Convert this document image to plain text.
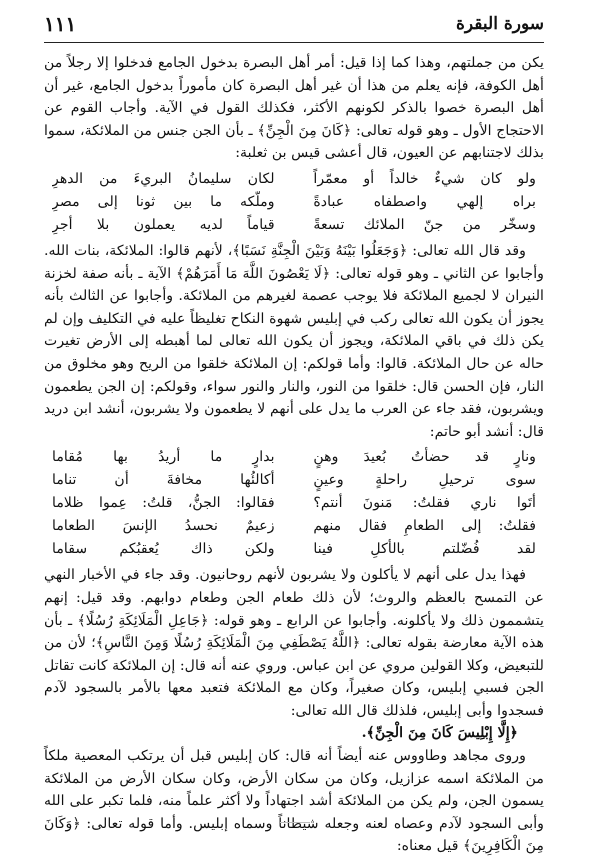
سورة البقرة
١١١

يكن من جملتهم، وهذا كما إذا قيل: أمر أهل البصرة بدخول الجامع فدخلوا إلا رجلاً من أهل الكوفة، فإنه يعلم من هذا أن غير أهل البصرة كان مأموراً بدخول الجامع، غير أن أهل البصرة خصوا بالذكر لكونهم الأكثر، فكذلك القول في الآية. وأجاب القوم عن الاحتجاج الأول ـ وهو قوله تعالى: ﴿كَانَ مِنَ الْجِنِّ﴾ ـ بأن الجن جنس من الملائكة، سموا بذلك لاجتنابهم عن العيون، قال أعشى قيس بن ثعلبة:

ولو كان شيءٌ خالداً أو معمّراً
لكان سليمانُ البريءَ من الدهرِ
براه إلهي واصطفاه عبادةً
وملّكه ما بين ثونا إلى مصرِ
وسخّر من جنّ الملائك تسعةً
قياماً لديه يعملون بلا أجرِ

وقد قال الله تعالى: ﴿وَجَعَلُوا بَيْنَهُ وَبَيْنَ الْجِنَّةِ نَسَبًا﴾، لأنهم قالوا: الملائكة، بنات الله. وأجابوا عن الثاني ـ وهو قوله تعالى: ﴿لَا يَعْصُونَ اللَّهَ مَا أَمَرَهُمْ﴾ الآية ـ بأنه صفة لخزنة النيران لا لجميع الملائكة فلا يوجب عصمة لغيرهم من الملائكة. وأجابوا عن الثالث بأنه يجوز أن يكون الله تعالى ركب في إبليس شهوة النكاح تغليظاً عليه في التكليف وإن لم يكن ذلك في باقي الملائكة، ويجوز أن يكون الله تعالى لما أهبطه إلى الأرض تغيرت حاله عن حال الملائكة. قالوا: وأما قولكم: إن الملائكة خلقوا من الريح وهو مخلوق من النار، فإن الحسن قال: خلقوا من النور، والنار والنور سواء، وقولكم: إن الجن يطعمون ويشربون، فقد جاء عن العرب ما يدل على أنهم لا يطعمون ولا يشربون، أنشد ابن دريد قال: أنشد أبو حاتم:

ونارٍ قد حضأتُ بُعيدَ وهنٍ
بدارٍ ما أريدُ بها مُقاما
سوى ترحيلِ راحلةٍ وعينٍ
أكالئُها مخافةَ أن تناما
أتَوا ناري فقلتُ: مَنونَ أنتم؟
فقالوا: الجنُّ، قلتُ: عِموا ظلاما
فقلتُ: إلى الطعامِ فقال منهم
زعيمٌ نحسدُ الإنسَ الطعاما
لقد فُضّلتم بالأكلِ فينا
ولكن ذاك يُعقبُكم سقاما

فهذا يدل على أنهم لا يأكلون ولا يشربون لأنهم روحانيون. وقد جاء في الأخبار النهي عن التمسح بالعظم والروث؛ لأن ذلك طعام الجن وطعام دوابهم. وقد قيل: إنهم يتشممون ذلك ولا يأكلونه. وأجابوا عن الرابع ـ وهو قوله: ﴿جَاعِلِ الْمَلَائِكَةِ رُسُلًا﴾ ـ بأن هذه الآية معارضة بقوله تعالى: ﴿اللَّهُ يَصْطَفِي مِنَ الْمَلَائِكَةِ رُسُلًا وَمِنَ النَّاسِ﴾؛ لأن من للتبعيض، وكلا القولين مروي عن ابن عباس. وروي عنه أنه قال: إن الملائكة كانت تقاتل الجن فسبي إبليس، وكان صغيراً، وكان مع الملائكة فتعبد معها بالأمر بالسجود لآدم فسجدوا وأبى إبليس، فلذلك قال الله تعالى:

﴿إِلَّا إِبْلِيسَ كَانَ مِنَ الْجِنِّ﴾.

وروى مجاهد وطاووس عنه أيضاً أنه قال: كان إبليس قبل أن يرتكب المعصية ملكاً من الملائكة اسمه عزازيل، وكان من سكان الأرض، وكان سكان الأرض من الملائكة يسمون الجن، ولم يكن من الملائكة أشد اجتهاداً ولا أكثر علماً منه، فلما تكبر على الله وأبى السجود لآدم وعصاه لعنه وجعله شيطاناً وسماه إبليس. وأما قوله تعالى: ﴿وَكَانَ مِنَ الْكَافِرِينَ﴾ قيل معناه:
